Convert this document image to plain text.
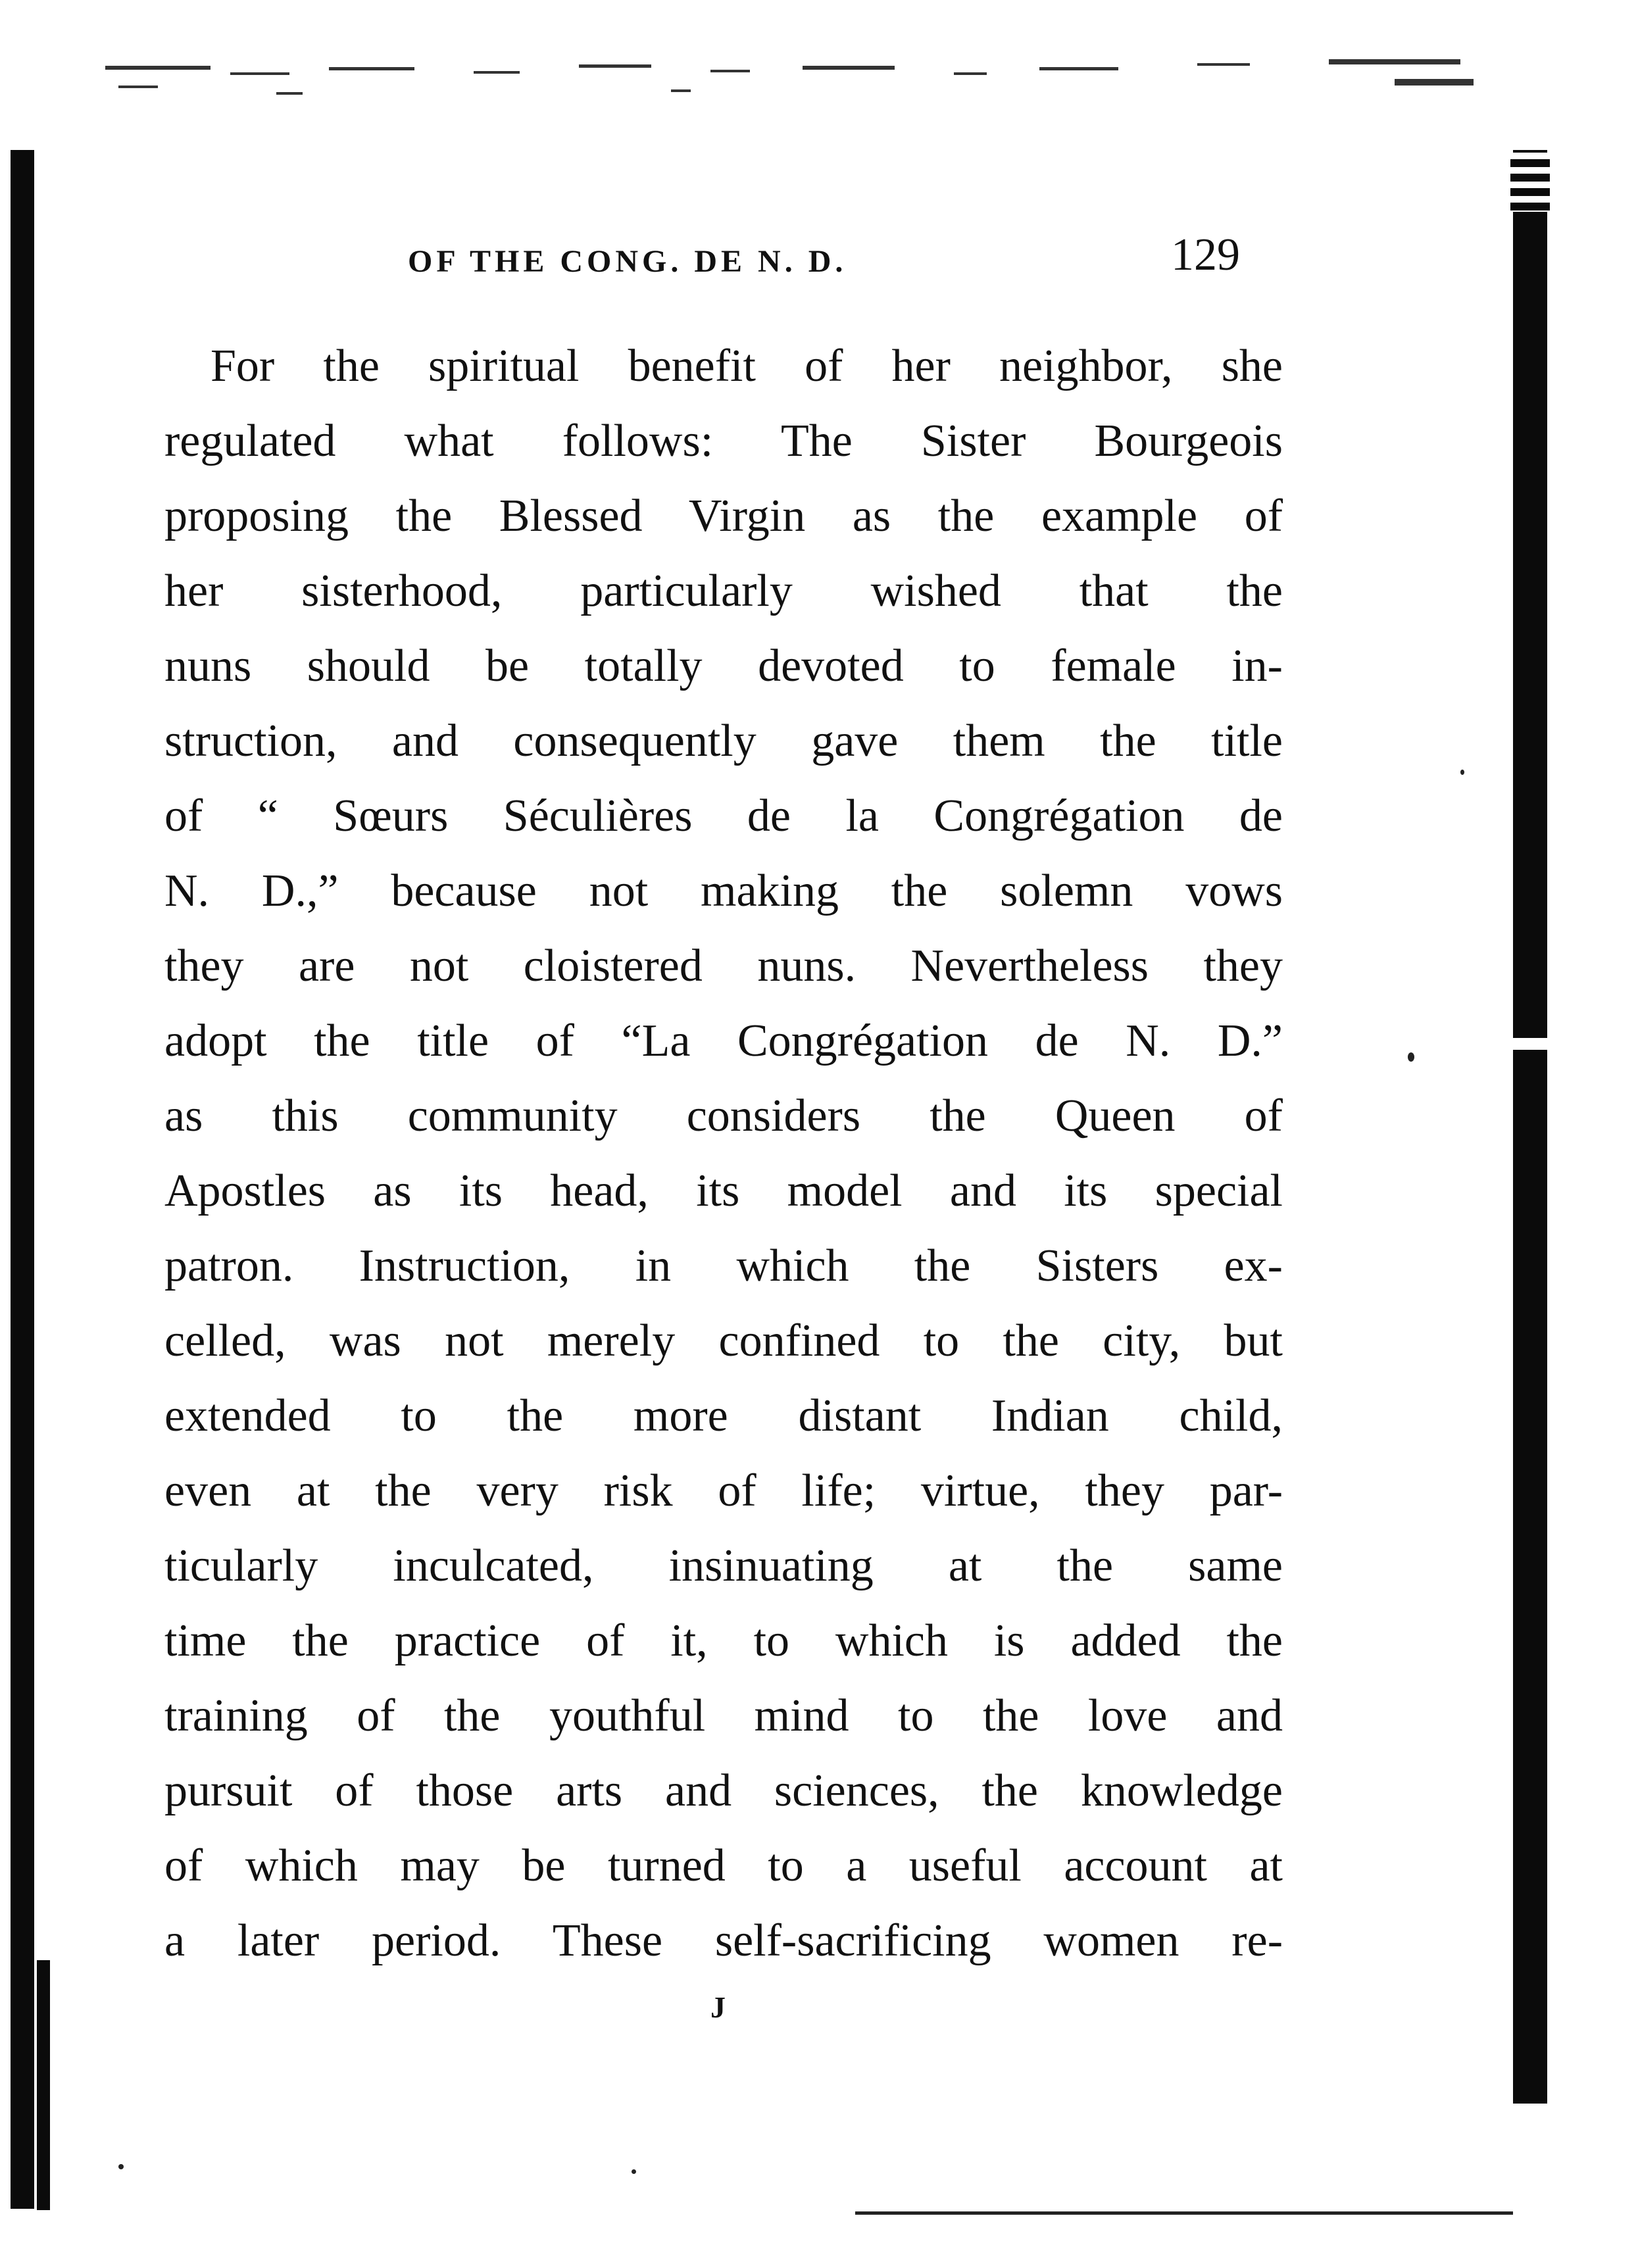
OF THE CONG. DE N. D.	129
For the spiritual benefit of her neighbor, she
regulated what follows: The Sister Bourgeois
proposing the Blessed Virgin as the example of
her sisterhood, particularly wished that the
nuns should be totally devoted to female in-
struction, and consequently gave them the title
of “ Sœurs Séculières de la Congrégation de
N. D.,” because not making the solemn vows
they are not cloistered nuns. Nevertheless they
adopt the title of “La Congrégation de N. D.”
as this community considers the Queen of
Apostles as its head, its model and its special
patron. Instruction, in which the Sisters ex-
celled, was not merely confined to the city, but
extended to the more distant Indian child,
even at the very risk of life; virtue, they par-
ticularly inculcated, insinuating at the same
time the practice of it, to which is added the
training of the youthful mind to the love and
pursuit of those arts and sciences, the knowledge
of which may be turned to a useful account at
a later period. These self-sacrificing women re-
J
